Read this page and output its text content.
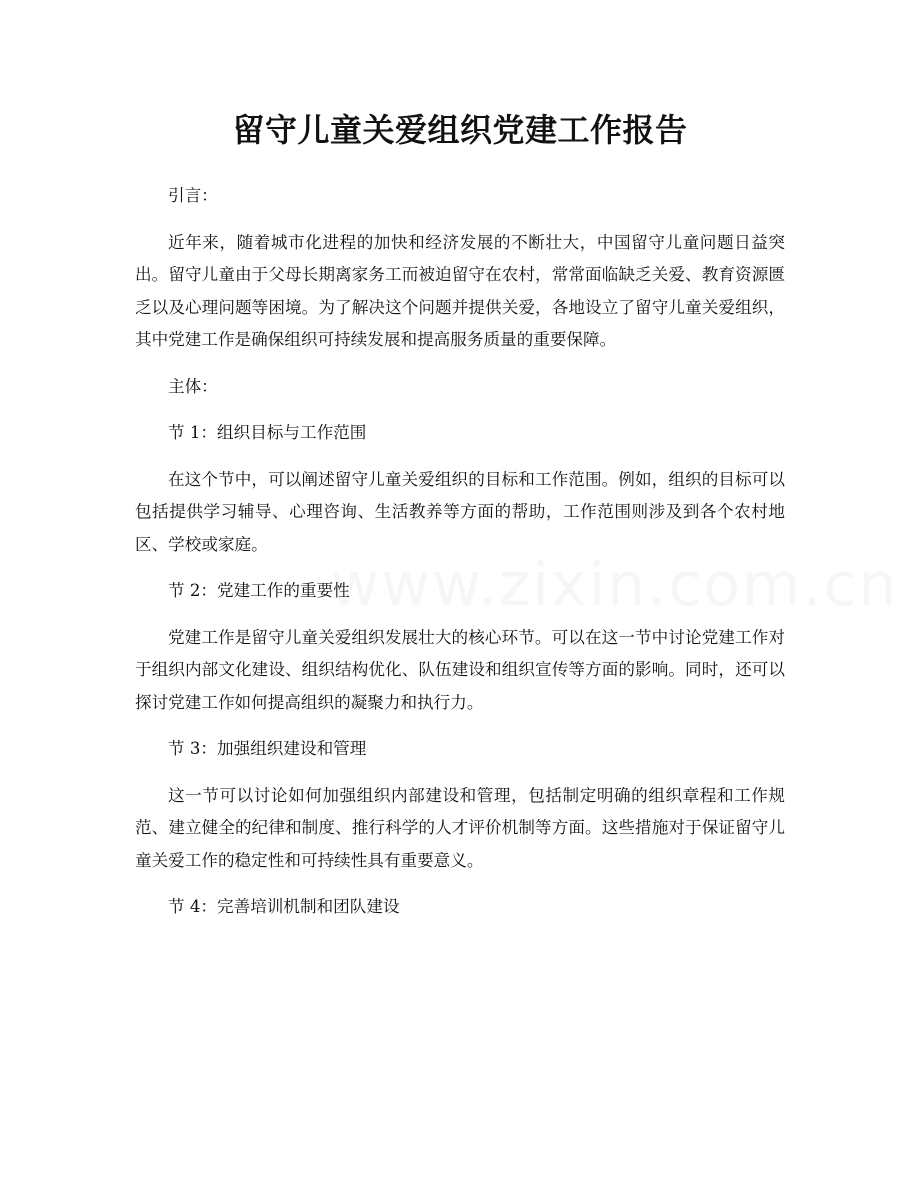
留守儿童关爱组织党建工作报告

引言：

近年来，随着城市化进程的加快和经济发展的不断壮大，中国留守儿童问题日益突出。留守儿童由于父母长期离家务工而被迫留守在农村，常常面临缺乏关爱、教育资源匮乏以及心理问题等困境。为了解决这个问题并提供关爱，各地设立了留守儿童关爱组织，其中党建工作是确保组织可持续发展和提高服务质量的重要保障。

主体：

节 1：组织目标与工作范围

在这个节中，可以阐述留守儿童关爱组织的目标和工作范围。例如，组织的目标可以包括提供学习辅导、心理咨询、生活教养等方面的帮助，工作范围则涉及到各个农村地区、学校或家庭。

节 2：党建工作的重要性

党建工作是留守儿童关爱组织发展壮大的核心环节。可以在这一节中讨论党建工作对于组织内部文化建设、组织结构优化、队伍建设和组织宣传等方面的影响。同时，还可以探讨党建工作如何提高组织的凝聚力和执行力。

节 3：加强组织建设和管理

这一节可以讨论如何加强组织内部建设和管理，包括制定明确的组织章程和工作规范、建立健全的纪律和制度、推行科学的人才评价机制等方面。这些措施对于保证留守儿童关爱工作的稳定性和可持续性具有重要意义。

节 4：完善培训机制和团队建设
